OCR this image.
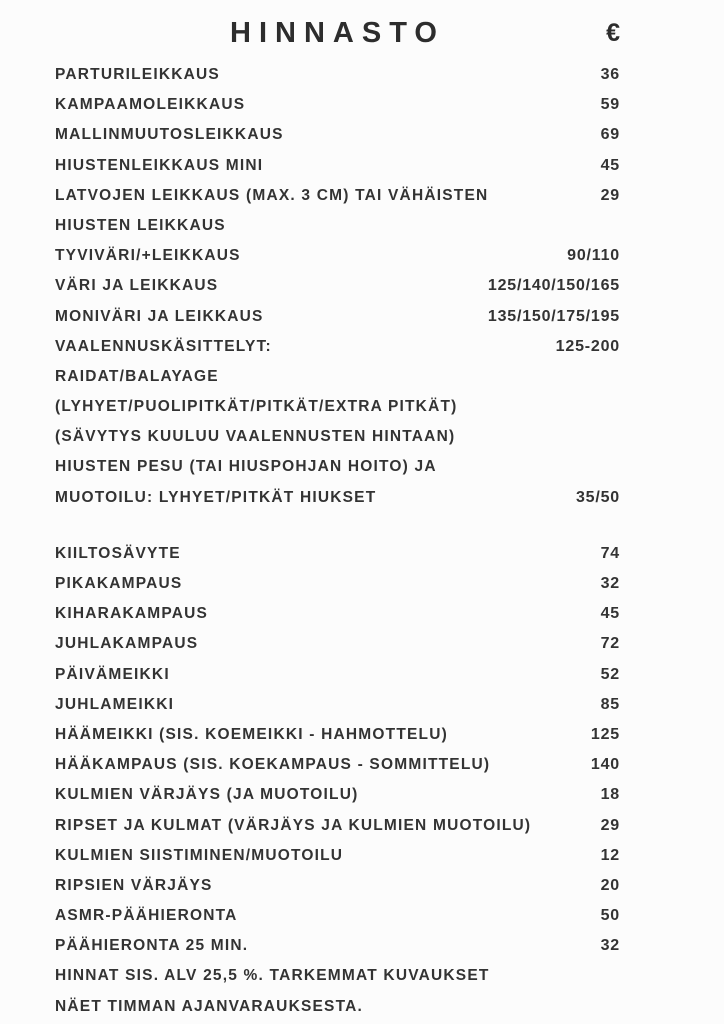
HINNASTO	€
PARTURILEIKKAUS	36
KAMPAAMOLEIKKAUS	59
MALLINMUUTOSLEIKKAUS	69
HIUSTENLEIKKAUS MINI	45
LATVOJEN LEIKKAUS (MAX. 3 CM) TAI VÄHÄISTEN	29
HIUSTEN LEIKKAUS
TYVIVÄRI/+LEIKKAUS	90/110
VÄRI JA LEIKKAUS	125/140/150/165
MONIVÄRI JA LEIKKAUS	135/150/175/195
VAALENNUSKÄSITTELYT:	125-200
RAIDAT/BALAYAGE
(LYHYET/PUOLIPITKÄT/PITKÄT/EXTRA PITKÄT)
(SÄVYTYS KUULUU VAALENNUSTEN HINTAAN)
HIUSTEN PESU (TAI HIUSPOHJAN HOITO) JA
MUOTOILU: LYHYET/PITKÄT HIUKSET	35/50
KIILTOSÄVYTE	74
PIKAKAMPAUS	32
KIHARAKAMPAUS	45
JUHLAKAMPAUS	72
PÄIVÄMEIKKI	52
JUHLAMEIKKI	85
HÄÄMEIKKI (SIS. KOEMEIKKI - HAHMOTTELU)	125
HÄÄKAMPAUS (SIS. KOEKAMPAUS - SOMMITTELU)	140
KULMIEN VÄRJÄYS (JA MUOTOILU)	18
RIPSET JA KULMAT (VÄRJÄYS JA KULMIEN MUOTOILU)	29
KULMIEN SIISTIMINEN/MUOTOILU	12
RIPSIEN VÄRJÄYS	20
ASMR-PÄÄHIERONTA	50
PÄÄHIERONTA 25 MIN.	32
HINNAT SIS. ALV 25,5 %. TARKEMMAT KUVAUKSET
NÄET TIMMAN AJANVARAUKSESTA.
